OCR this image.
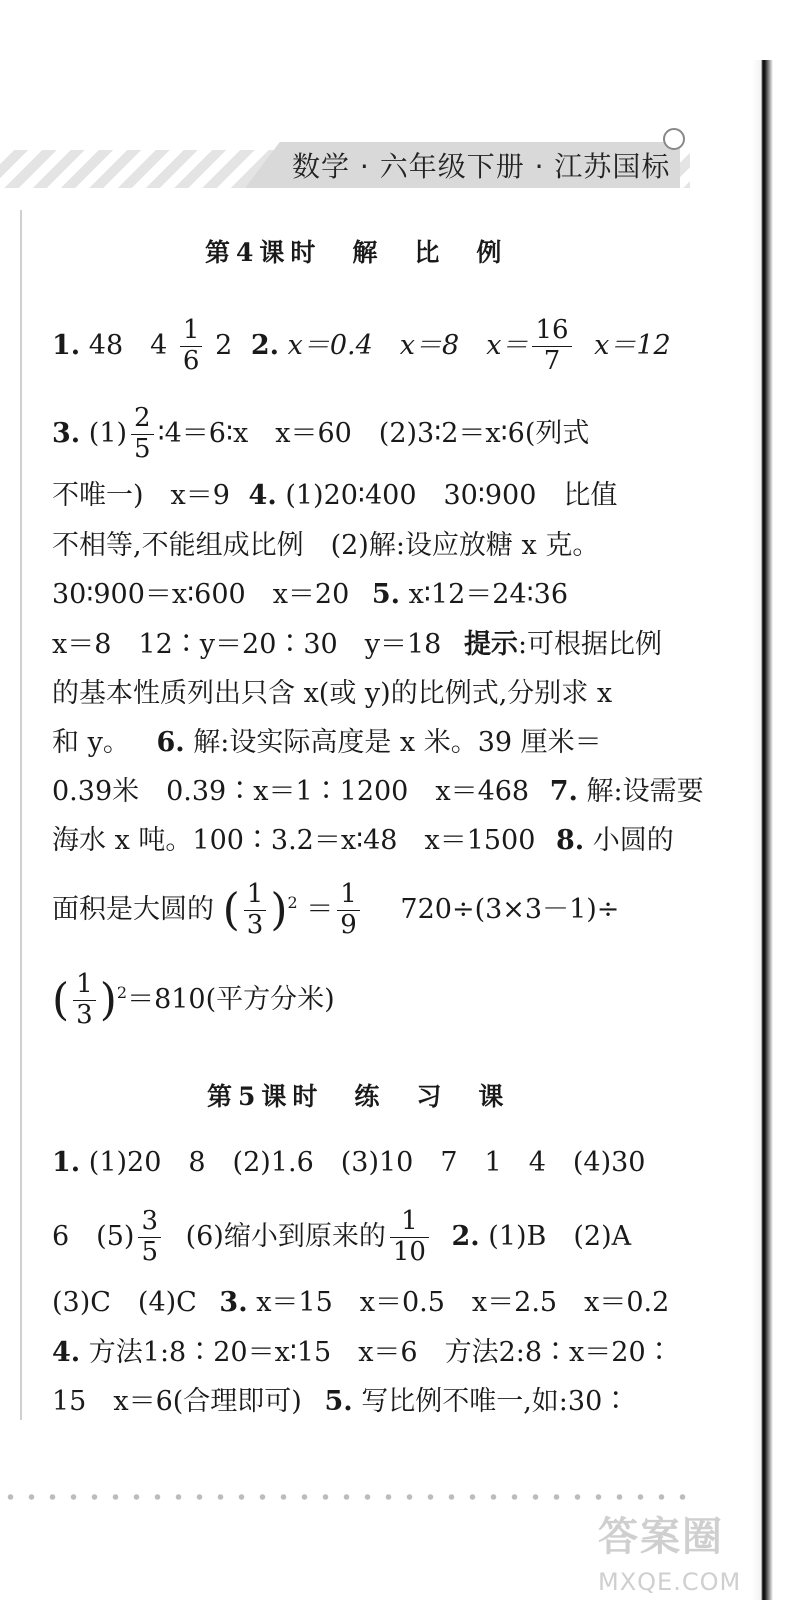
数学 · 六年级下册 · 江苏国标
第4课时　解　比　例
1. 48　$4 \frac{1}{6} 2$ 2. x＝0.4　x＝8　$x= \frac{16}{7} x=12$
3. $(1) \frac{2}{5}$ ∶4＝6∶x　x＝60　(2)3∶2＝x∶6(列式
不唯一)　x＝9 4. (1)20∶400　30∶900　比值
不相等,不能组成比例　(2)解:设应放糖 x 克。
30∶900＝x∶600　x＝20 5. x∶12＝24∶36
x＝8　12∶y＝20∶30　y＝18 提示:可根据比例
的基本性质列出只含 x(或 y)的比例式,分别求 x
和 y。 6. 解:设实际高度是 x 米。39 厘米＝
0.39米　0.39∶x＝1∶1200　x＝468 7. 解:设需要
海水 x 吨。100∶3.2＝x∶48　x＝1500 8. 小圆的
面积是大圆的 ( $\frac{1}{3} )^2 = \frac{1}{9} 720\div(3\times 3-1)\div$
( $\frac{1}{3} )^2=810$(平方分米)
第5课时　练　习　课
1. (1)20　8　(2)1.6　(3)10　7　1　4　(4)30
6　$(5) \frac{3}{5} (6)$缩小到原来的 $\frac{1}{10} 2$. (1)B　(2)A
(3)C　(4)C 3. x＝15　x＝0.5　x＝2.5　x＝0.2
4. 方法1:8∶20＝x∶15　x＝6　方法2:8∶x＝20∶
15　x＝6(合理即可) 5. 写比例不唯一,如:30∶
答案圈
MXQE.COM
